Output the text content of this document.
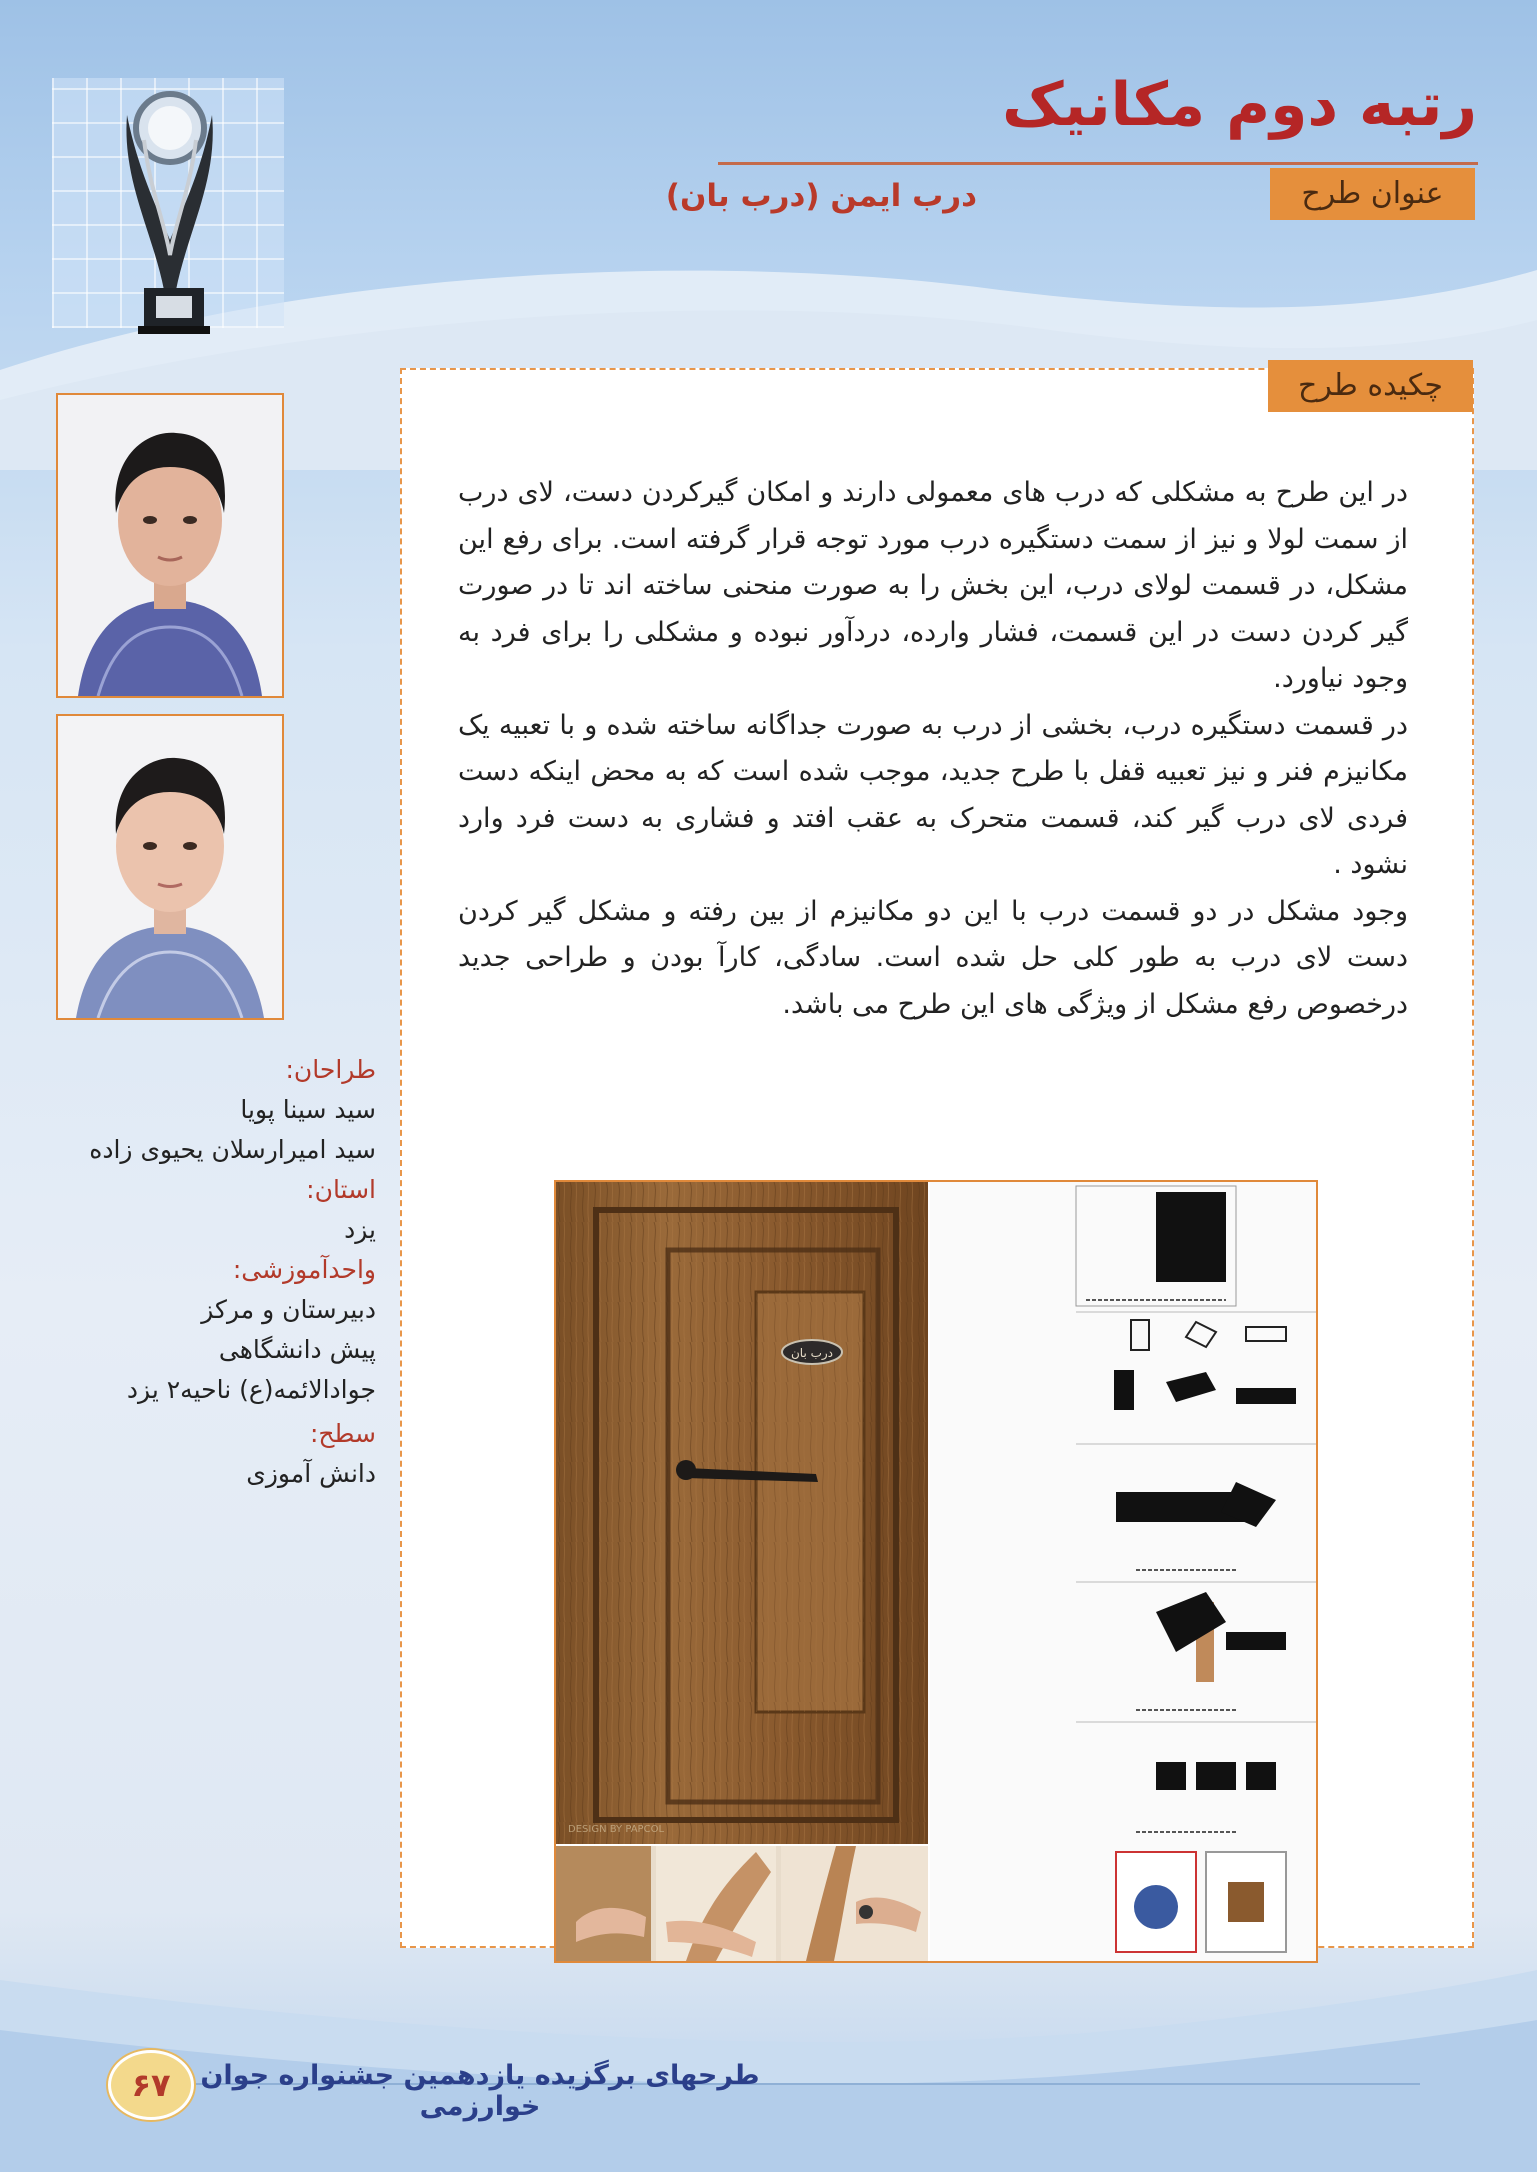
رتبه دوم مکانیک
عنوان طرح
درب ایمن (درب بان)
چکیده طرح

در این طرح به مشکلی که درب های معمولی دارند و امکان گیرکردن دست، لای درب از سمت لولا و نیز از سمت دستگیره درب مورد توجه قرار گرفته است. برای رفع این مشکل، در قسمت لولای درب، این بخش را به صورت منحنی ساخته اند تا در صورت گیر کردن دست در این قسمت، فشار وارده، دردآور نبوده و مشکلی را برای فرد به وجود نیاورد.

در قسمت دستگیره درب، بخشی از درب به صورت جداگانه ساخته شده و با تعبیه یک مکانیزم فنر و نیز تعبیه قفل با طرح جدید، موجب شده است که به محض اینکه دست فردی لای درب گیر کند، قسمت متحرک به عقب افتد و فشاری به دست فرد وارد نشود .

وجود مشکل در دو قسمت درب با این دو مکانیزم از بین رفته و مشکل گیر کردن دست لای درب به طور کلی حل شده است. سادگی، کارآ بودن و طراحی جدید درخصوص رفع مشکل از ویژگی های این طرح می باشد.

طراحان:
سید سینا پویا
سید امیرارسلان یحیوی زاده
استان:
یزد
واحدآموزشی:
دبیرستان و مرکز
پیش دانشگاهی
جوادالائمه(ع) ناحیه۲ یزد
سطح:
دانش آموزی
درب بان
DESIGN BY PAPCOL
۶۷	طرحهای برگزیده یازدهمین جشنواره جوان خوارزمی
